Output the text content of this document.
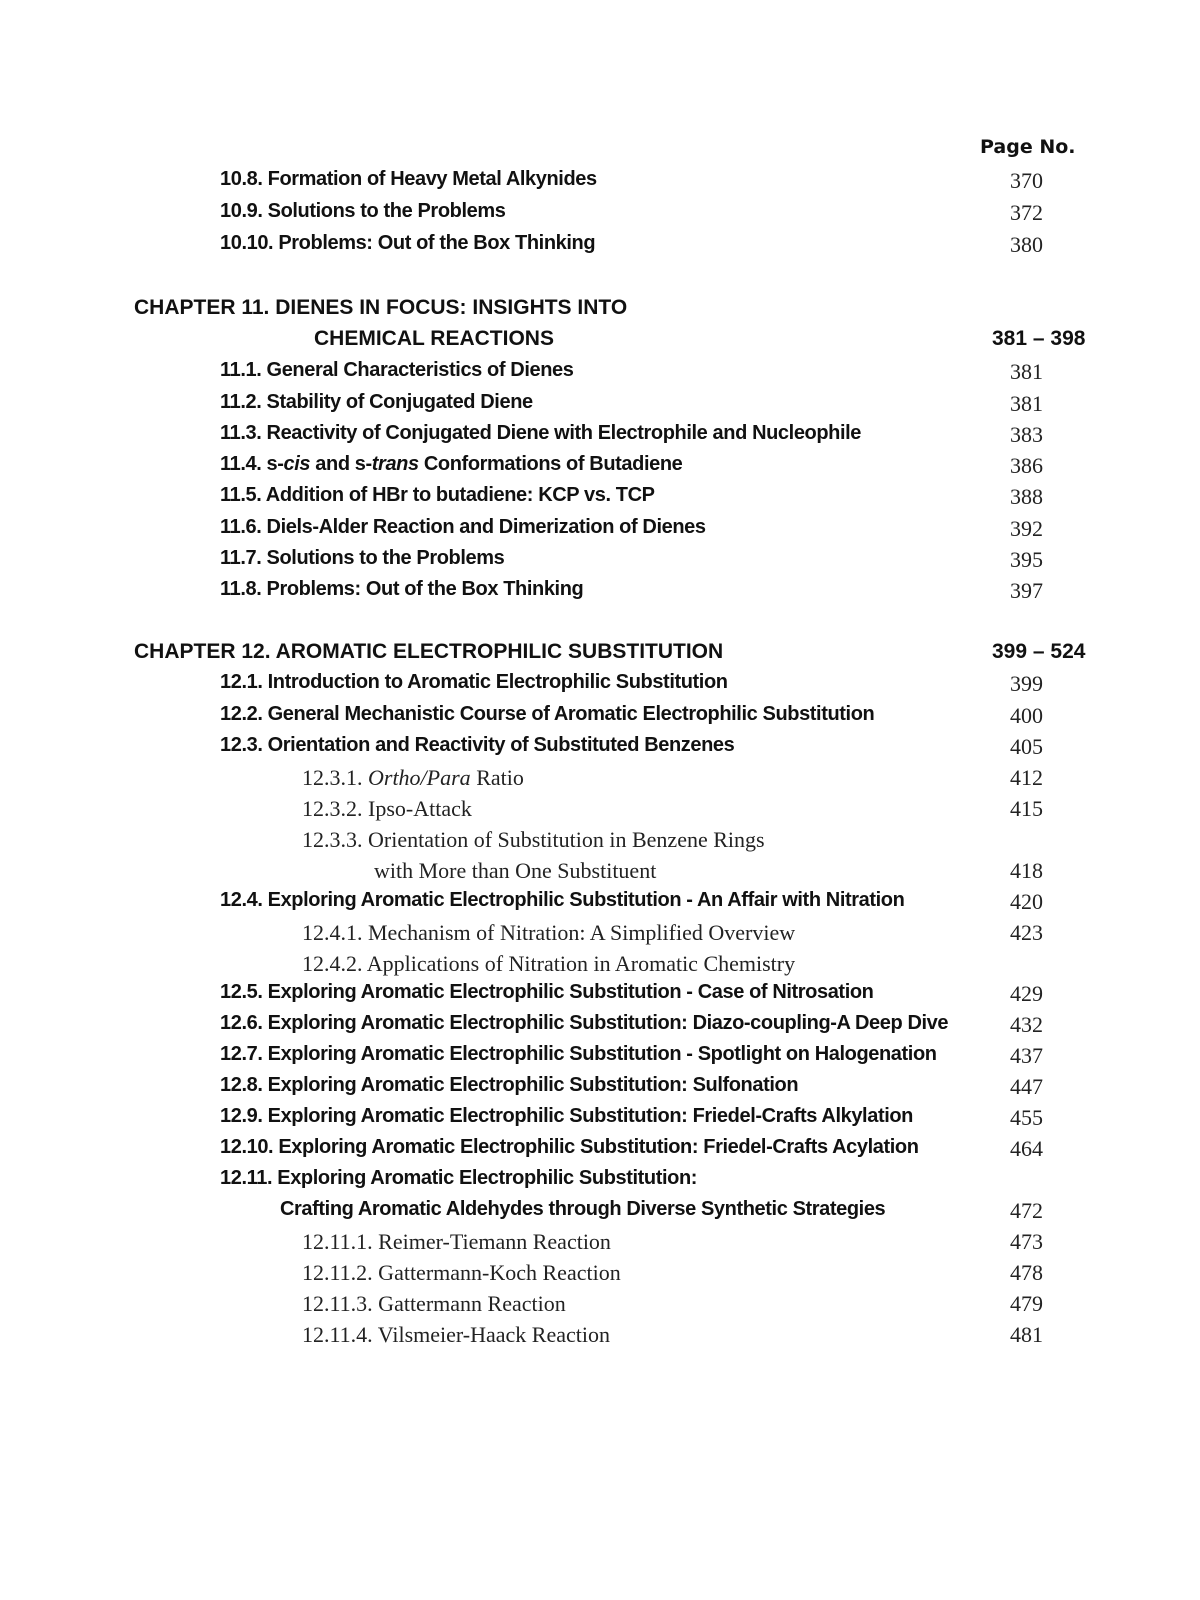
Page No.
10.8. Formation of Heavy Metal Alkynides	370
10.9. Solutions to the Problems	372
10.10. Problems: Out of the Box Thinking	380
CHAPTER 11. DIENES IN FOCUS: INSIGHTS INTO
CHEMICAL REACTIONS	381 – 398
11.1. General Characteristics of Dienes	381
11.2. Stability of Conjugated Diene	381
11.3. Reactivity of Conjugated Diene with Electrophile and Nucleophile	383
11.4. s-cis and s-trans Conformations of Butadiene	386
11.5. Addition of HBr to butadiene: KCP vs. TCP	388
11.6. Diels-Alder Reaction and Dimerization of Dienes	392
11.7. Solutions to the Problems	395
11.8. Problems: Out of the Box Thinking	397
CHAPTER 12. AROMATIC ELECTROPHILIC SUBSTITUTION	399 – 524
12.1. Introduction to Aromatic Electrophilic Substitution	399
12.2. General Mechanistic Course of Aromatic Electrophilic Substitution	400
12.3. Orientation and Reactivity of Substituted Benzenes	405
12.3.1. Ortho/Para Ratio	412
12.3.2. Ipso-Attack	415
12.3.3. Orientation of Substitution in Benzene Rings
with More than One Substituent	418
12.4. Exploring Aromatic Electrophilic Substitution - An Affair with Nitration	420
12.4.1. Mechanism of Nitration: A Simplified Overview	423
12.4.2. Applications of Nitration in Aromatic Chemistry
12.5. Exploring Aromatic Electrophilic Substitution - Case of Nitrosation	429
12.6. Exploring Aromatic Electrophilic Substitution: Diazo-coupling-A Deep Dive	432
12.7. Exploring Aromatic Electrophilic Substitution - Spotlight on Halogenation	437
12.8. Exploring Aromatic Electrophilic Substitution: Sulfonation	447
12.9. Exploring Aromatic Electrophilic Substitution: Friedel-Crafts Alkylation	455
12.10. Exploring Aromatic Electrophilic Substitution: Friedel-Crafts Acylation	464
12.11. Exploring Aromatic Electrophilic Substitution:
Crafting Aromatic Aldehydes through Diverse Synthetic Strategies	472
12.11.1. Reimer-Tiemann Reaction	473
12.11.2. Gattermann-Koch Reaction	478
12.11.3. Gattermann Reaction	479
12.11.4. Vilsmeier-Haack Reaction	481
